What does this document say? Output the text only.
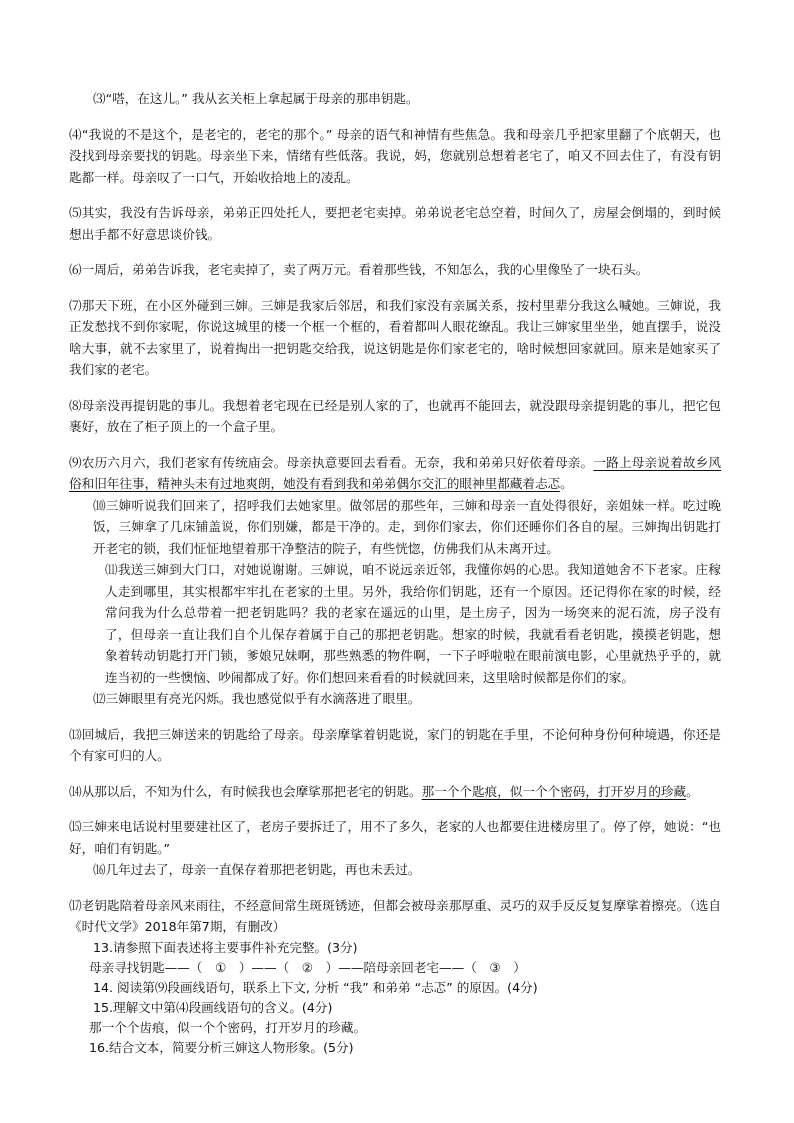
⑶“嗒，在这儿。” 我从玄关柜上拿起属于母亲的那串钥匙。

⑷“我说的不是这个，是老宅的，老宅的那个。” 母亲的语气和神情有些焦急。我和母亲几乎把家里翻了个底朝天，也没找到母亲要找的钥匙。母亲坐下来，情绪有些低落。我说，妈，您就别总想着老宅了，咱又不回去住了，有没有钥匙都一样。母亲叹了一口气，开始收拾地上的凌乱。

⑸其实，我没有告诉母亲，弟弟正四处托人，要把老宅卖掉。弟弟说老宅总空着，时间久了，房屋会倒塌的，到时候想出手都不好意思谈价钱。

⑹一周后，弟弟告诉我，老宅卖掉了，卖了两万元。看着那些钱，不知怎么，我的心里像坠了一块石头。

⑺那天下班，在小区外碰到三婶。三婶是我家后邻居，和我们家没有亲属关系，按村里辈分我这么喊她。三婶说，我正发愁找不到你家呢，你说这城里的楼一个框一个框的，看着都叫人眼花缭乱。我让三婶家里坐坐，她直摆手，说没啥大事，就不去家里了，说着掏出一把钥匙交给我，说这钥匙是你们家老宅的，啥时候想回家就回。原来是她家买了我们家的老宅。

⑻母亲没再提钥匙的事儿。我想着老宅现在已经是别人家的了，也就再不能回去，就没跟母亲提钥匙的事儿，把它包裹好，放在了柜子顶上的一个盒子里。

⑼农历六月六，我们老家有传统庙会。母亲执意要回去看看。无奈，我和弟弟只好依着母亲。一路上母亲说着故乡风俗和旧年往事，精神头未有过地爽朗，她没有看到我和弟弟偶尔交汇的眼神里都藏着忐忑。

⑽三婶听说我们回来了，招呼我们去她家里。做邻居的那些年，三婶和母亲一直处得很好，亲姐妹一样。吃过晚饭，三婶拿了几床铺盖说，你们别嫌，都是干净的。走，到你们家去，你们还睡你们各自的屋。三婶掏出钥匙打开老宅的锁，我们怔怔地望着那干净整洁的院子，有些恍惚，仿佛我们从未离开过。

⑾我送三婶到大门口，对她说谢谢。三婶说，咱不说远亲近邻，我懂你妈的心思。我知道她舍不下老家。庄稼人走到哪里，其实根都牢牢扎在老家的土里。另外，我给你们钥匙，还有一个原因。还记得你在家的时候，经常问我为什么总带着一把老钥匙吗？我的老家在遥远的山里，是土房子，因为一场突来的泥石流，房子没有了，但母亲一直让我们自个儿保存着属于自己的那把老钥匙。想家的时候，我就看看老钥匙，摸摸老钥匙，想象着转动钥匙打开门锁，爹娘兄妹啊，那些熟悉的物件啊，一下子呼啦啦在眼前演电影，心里就热乎乎的，就连当初的一些懊恼、吵闹都成了好。你们想回来看看的时候就回来，这里啥时候都是你们的家。

⑿三婶眼里有亮光闪烁。我也感觉似乎有水滴落进了眼里。

⒀回城后，我把三婶送来的钥匙给了母亲。母亲摩挲着钥匙说，家门的钥匙在手里，不论何种身份何种境遇，你还是个有家可归的人。

⒁从那以后，不知为什么，有时候我也会摩挲那把老宅的钥匙。那一个个匙痕，似一个个密码，打开岁月的珍藏。

⒂三婶来电话说村里要建社区了，老房子要拆迁了，用不了多久，老家的人也都要住进楼房里了。停了停，她说：“也好，咱们有钥匙。”

⒃几年过去了，母亲一直保存着那把老钥匙，再也未丢过。

⒄老钥匙陪着母亲风来雨往，不经意间常生斑斑锈迹，但都会被母亲那厚重、灵巧的双手反反复复摩挲着擦亮。（选自《时代文学》2018年第7期，有删改）

13.请参照下面表述将主要事件补充完整。(3分)

母亲寻找钥匙——（　①　）——（　②　）——陪母亲回老宅——（　③　）

14. 阅读第⑼段画线语句，联系上下文, 分析 “我” 和弟弟 “忐忑” 的原因。(4分)

15.理解文中第⑷段画线语句的含义。(4分)

那一个个齿痕，似一个个密码，打开岁月的珍藏。

16.结合文本，简要分析三婶这人物形象。(5分)
